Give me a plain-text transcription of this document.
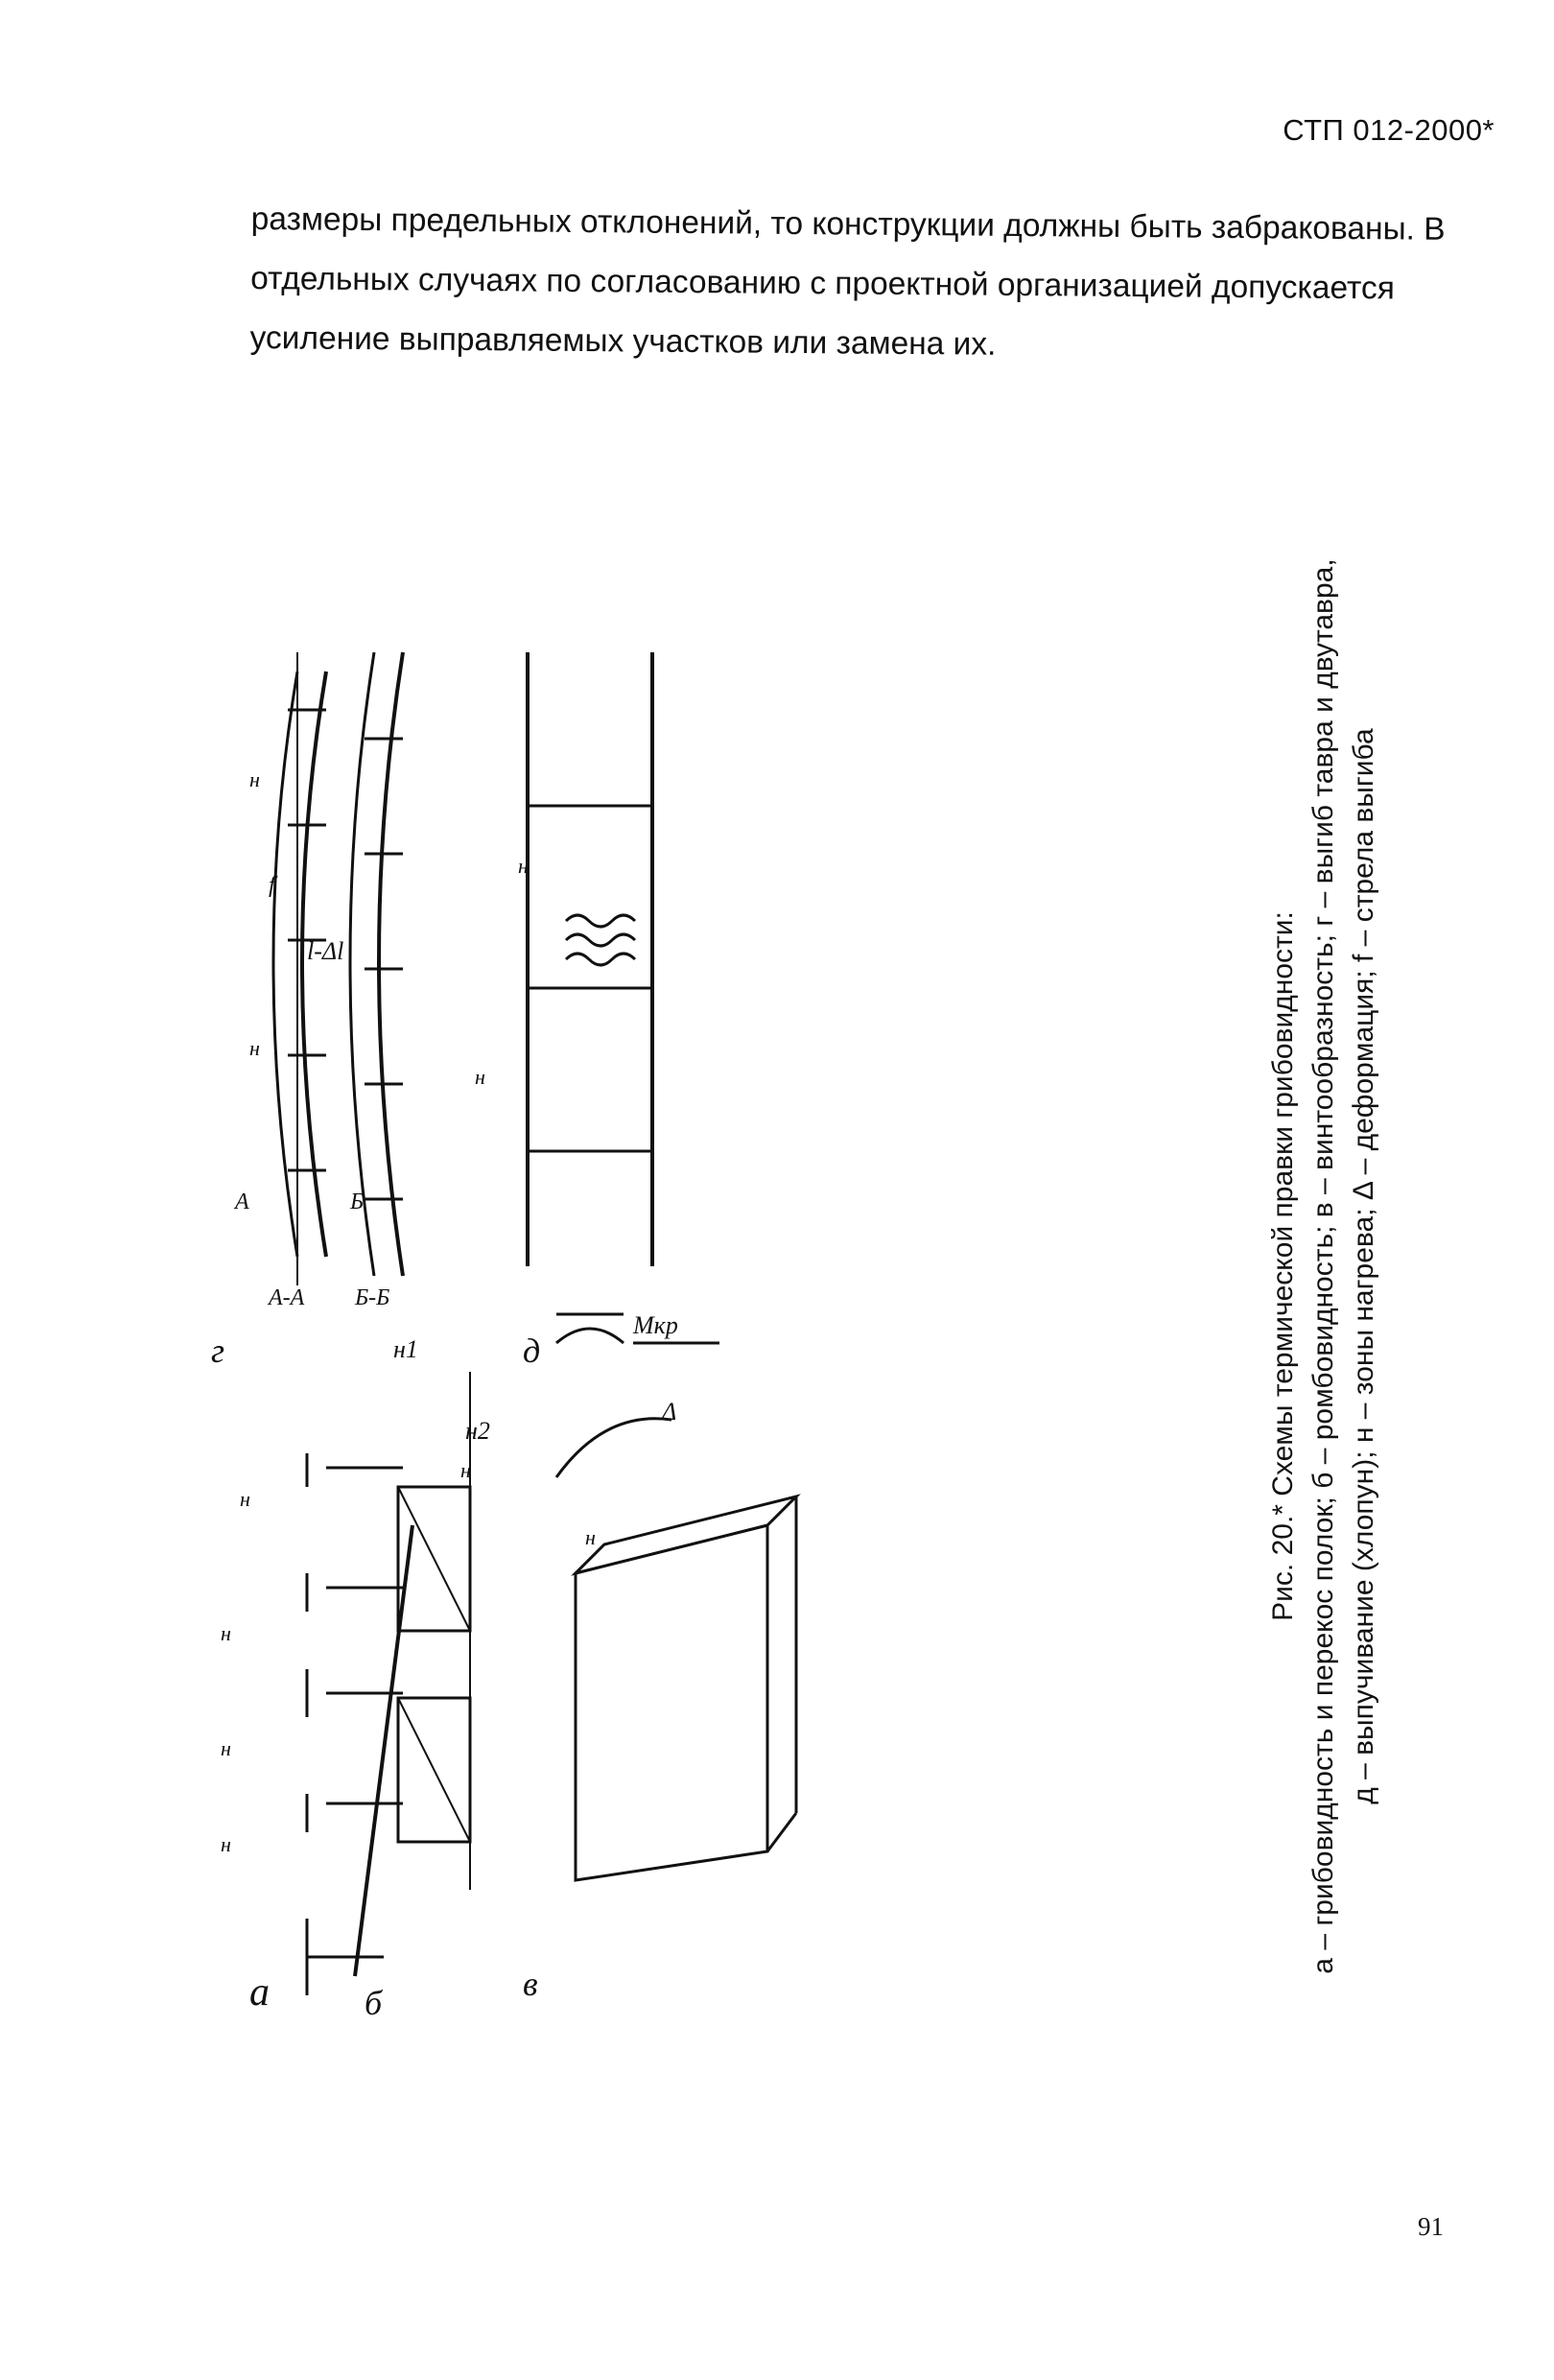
СТП 012-2000*

размеры предельных отклонений, то конструкции должны быть забракованы. В

отдельных случаях по согласованию с проектной организацией допускается

усиление выправляемых участков или замена их.

а	б	в
г	д
н1
н2
Мкр
Δ
А-А Б-Б
l-Δl
f
А	Б
н
н
н
н
н
н
н
н
н
н
Рис. 20.* Схемы термической правки грибовидности: а – грибовидность и перекос полок; б – ромбовидность; в – винтообразность; г – выгиб тавра и двутавра, д – выпучивание (хлопун); н – зоны нагрева; Δ – деформация; f – стрела выгиба
91
